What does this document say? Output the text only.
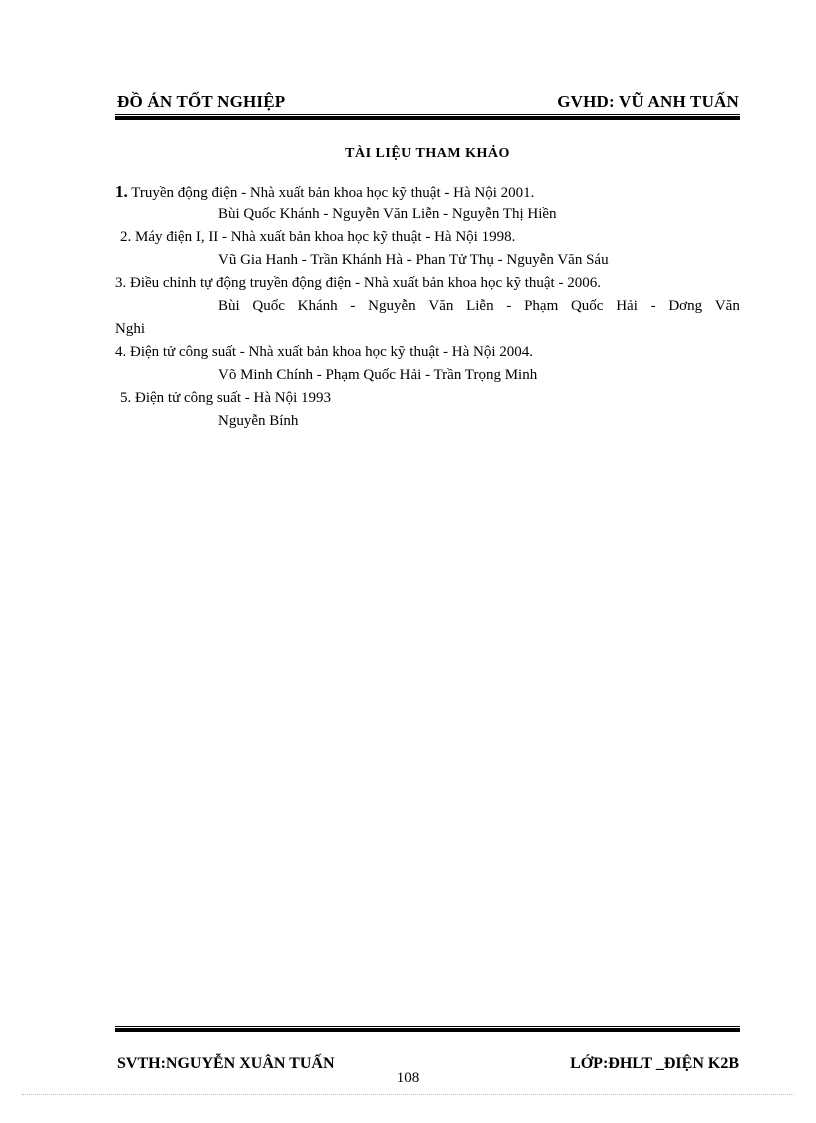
ĐỒ ÁN TỐT NGHIỆP	GVHD: VŨ ANH TUẤN
TÀI LIỆU THAM KHẢO
1. Truyền động điện - Nhà xuất bản khoa học kỹ thuật - Hà Nội 2001.
Bùi Quốc Khánh - Nguyễn Văn Liễn - Nguyễn Thị Hiền
2. Máy điện I, II - Nhà xuất bản khoa học kỹ thuật - Hà Nội 1998.
Vũ Gia Hanh - Trần Khánh Hà - Phan Tử Thụ - Nguyễn Văn Sáu
3. Điều chỉnh tự động truyền động điện - Nhà xuất bản khoa học kỹ thuật - 2006.
Bùi Quốc Khánh - Nguyễn Văn Liễn - Phạm Quốc Hải - Dơng Văn
Nghi
4. Điện tử công suất - Nhà xuất bản khoa học kỹ thuật - Hà Nội 2004.
Võ Minh Chính - Phạm Quốc Hải - Trần Trọng Minh
5. Điện tử công suất - Hà Nội 1993
Nguyễn Bính
SVTH:NGUYỄN XUÂN TUẤN	LỚP:ĐHLT _ĐIỆN K2B
108
